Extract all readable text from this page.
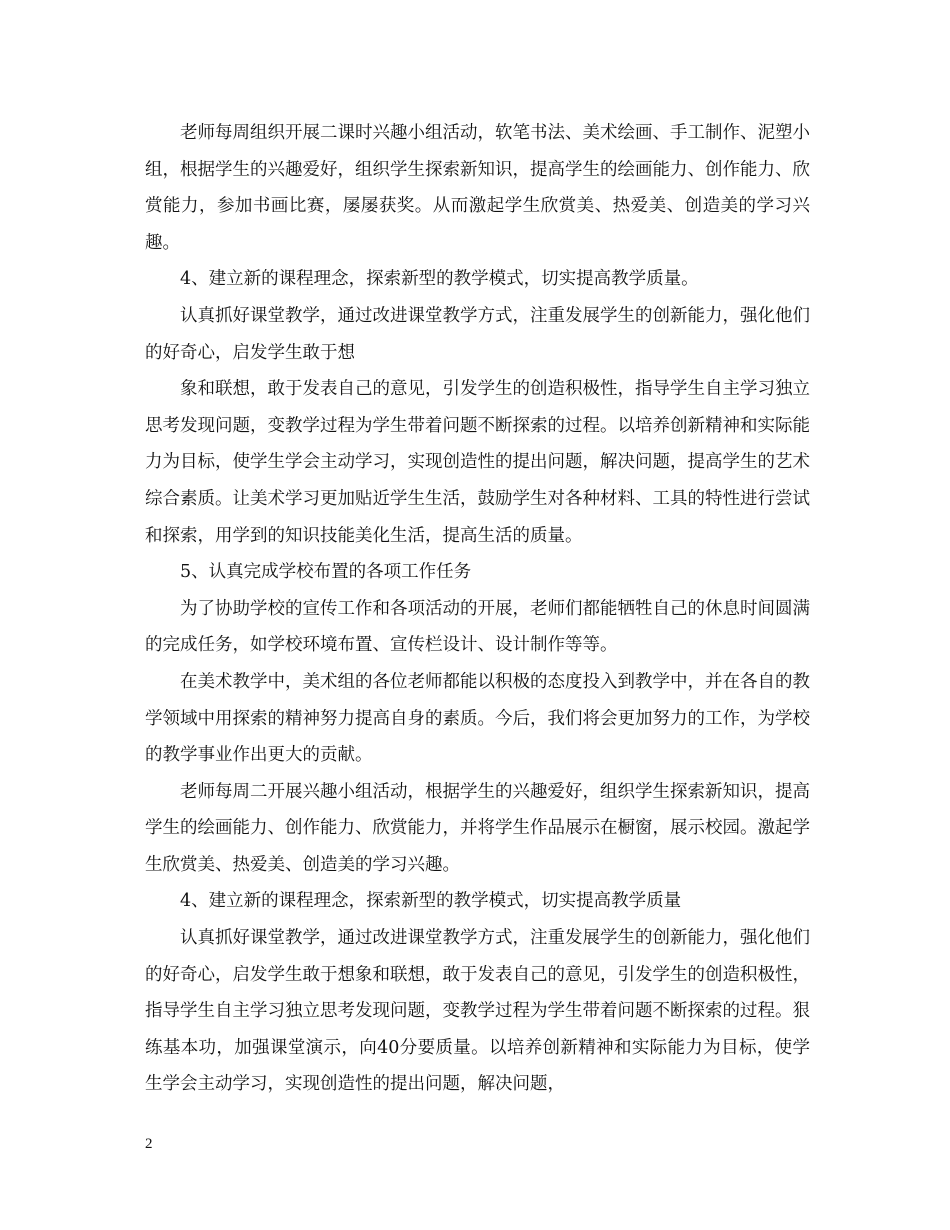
老师每周组织开展二课时兴趣小组活动，软笔书法、美术绘画、手工制作、泥塑小组，根据学生的兴趣爱好，组织学生探索新知识，提高学生的绘画能力、创作能力、欣赏能力，参加书画比赛，屡屡获奖。从而激起学生欣赏美、热爱美、创造美的学习兴趣。

4、建立新的课程理念，探索新型的教学模式，切实提高教学质量。

认真抓好课堂教学，通过改进课堂教学方式，注重发展学生的创新能力，强化他们的好奇心，启发学生敢于想

象和联想，敢于发表自己的意见，引发学生的创造积极性，指导学生自主学习独立思考发现问题，变教学过程为学生带着问题不断探索的过程。以培养创新精神和实际能力为目标，使学生学会主动学习，实现创造性的提出问题，解决问题，提高学生的艺术综合素质。让美术学习更加贴近学生生活，鼓励学生对各种材料、工具的特性进行尝试和探索，用学到的知识技能美化生活，提高生活的质量。

5、认真完成学校布置的各项工作任务

为了协助学校的宣传工作和各项活动的开展，老师们都能牺牲自己的休息时间圆满的完成任务，如学校环境布置、宣传栏设计、设计制作等等。

在美术教学中，美术组的各位老师都能以积极的态度投入到教学中，并在各自的教学领域中用探索的精神努力提高自身的素质。今后，我们将会更加努力的工作，为学校的教学事业作出更大的贡献。

老师每周二开展兴趣小组活动，根据学生的兴趣爱好，组织学生探索新知识，提高学生的绘画能力、创作能力、欣赏能力，并将学生作品展示在橱窗，展示校园。激起学生欣赏美、热爱美、创造美的学习兴趣。

4、建立新的课程理念，探索新型的教学模式，切实提高教学质量

认真抓好课堂教学，通过改进课堂教学方式，注重发展学生的创新能力，强化他们的好奇心，启发学生敢于想象和联想，敢于发表自己的意见，引发学生的创造积极性，指导学生自主学习独立思考发现问题，变教学过程为学生带着问题不断探索的过程。狠练基本功，加强课堂演示，向40分要质量。以培养创新精神和实际能力为目标，使学生学会主动学习，实现创造性的提出问题，解决问题，

2
